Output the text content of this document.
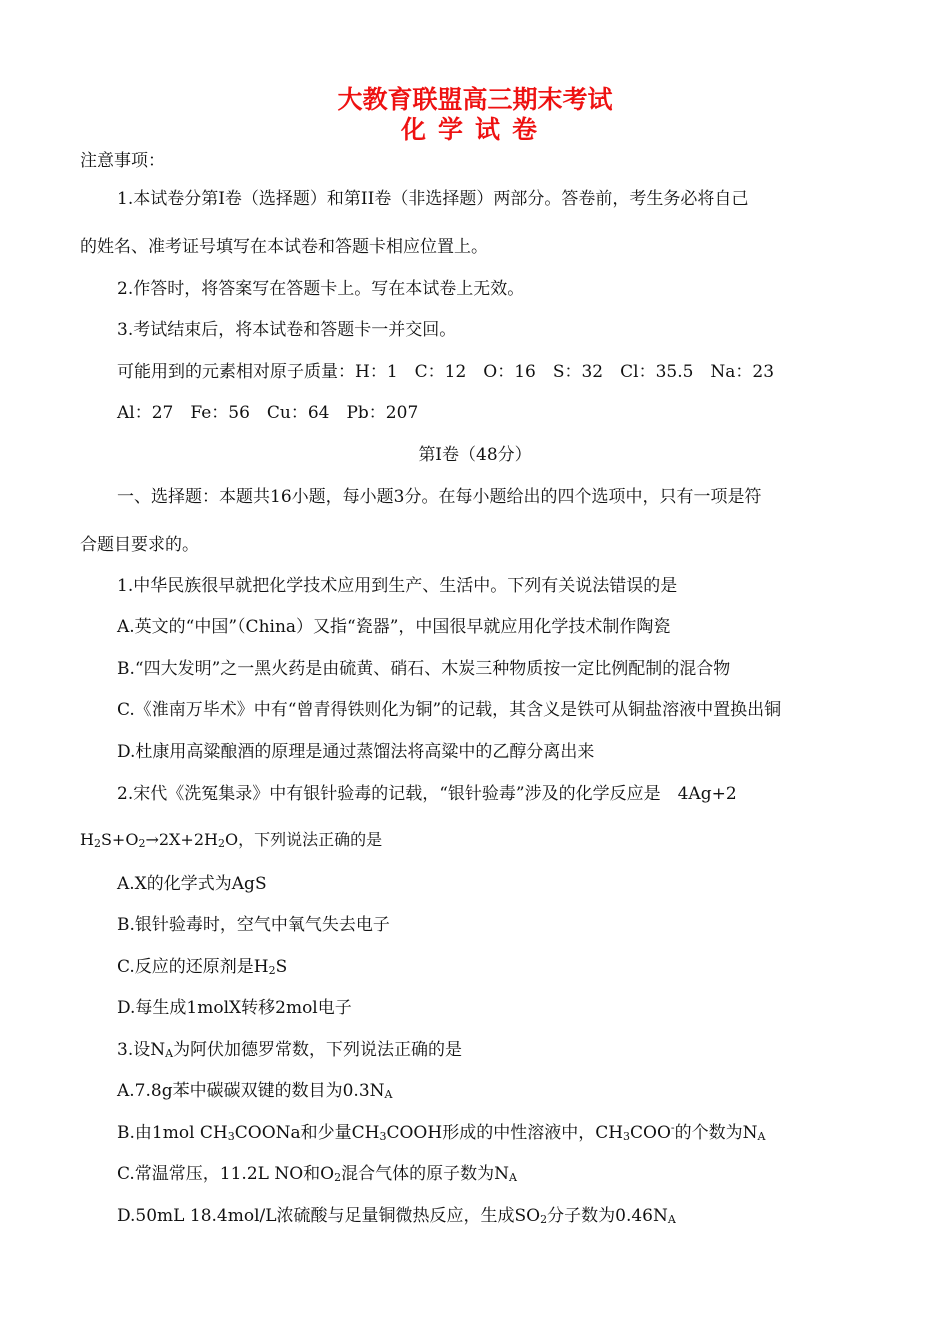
大教育联盟高三期末考试
化学试卷
注意事项：
1.本试卷分第Ⅰ卷（选择题）和第II卷（非选择题）两部分。答卷前，考生务必将自己
的姓名、准考证号填写在本试卷和答题卡相应位置上。
2.作答时，将答案写在答题卡上。写在本试卷上无效。
3.考试结束后，将本试卷和答题卡一并交回。
可能用到的元素相对原子质量：H：1　C：12　O：16　S：32　Cl：35.5　Na：23
Al：27　Fe：56　Cu：64　Pb：207
第Ⅰ卷（48分）
一、选择题：本题共16小题，每小题3分。在每小题给出的四个选项中，只有一项是符
合题目要求的。
1.中华民族很早就把化学技术应用到生产、生活中。下列有关说法错误的是
A.英文的“中国”（China）又指“瓷器”，中国很早就应用化学技术制作陶瓷
B.“四大发明”之一黑火药是由硫黄、硝石、木炭三种物质按一定比例配制的混合物
C.《淮南万毕术》中有“曾青得铁则化为铜”的记载，其含义是铁可从铜盐溶液中置换出铜
D.杜康用高粱酿酒的原理是通过蒸馏法将高粱中的乙醇分离出来
2.宋代《洗冤集录》中有银针验毒的记载，“银针验毒”涉及的化学反应是　4Ag+2
H2S+O2→2X+2H2O，下列说法正确的是
A.X的化学式为AgS
B.银针验毒时，空气中氧气失去电子
C.反应的还原剂是H2S
D.每生成1molX转移2mol电子
3.设NA为阿伏加德罗常数，下列说法正确的是
A.7.8g苯中碳碳双键的数目为0.3NA
B.由1mol CH3COONa和少量CH3COOH形成的中性溶液中，CH3COO-的个数为NA
C.常温常压，11.2L NO和O2混合气体的原子数为NA
D.50mL 18.4mol/L浓硫酸与足量铜微热反应，生成SO2分子数为0.46NA
